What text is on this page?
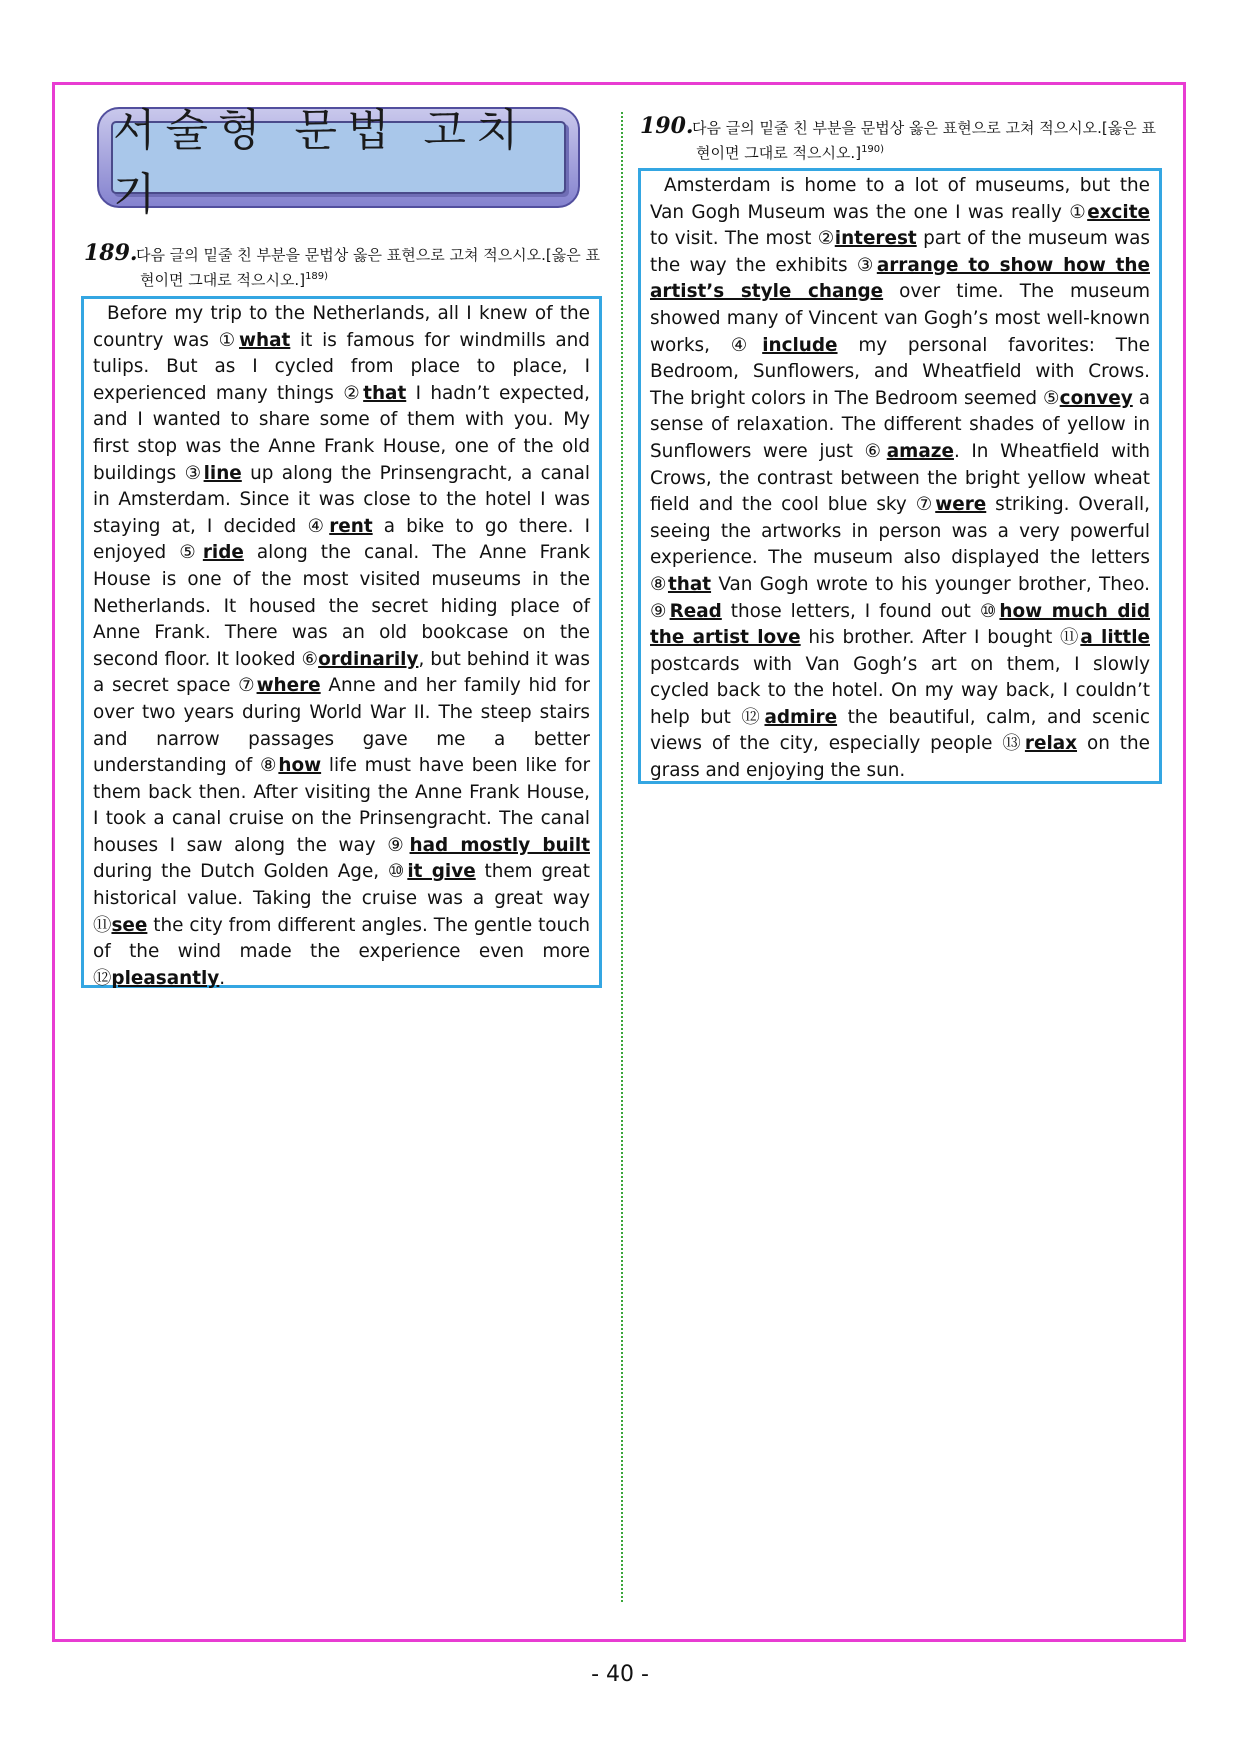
서술형 문법 고치기
189.다음 글의 밑줄 친 부분을 문법상 옳은 표현으로 고쳐 적으시오.[옳은 표현이면 그대로 적으시오.]$^{189)}$

Before my trip to the Netherlands, all I knew of the country was ①what it is famous for windmills and tulips. But as I cycled from place to place, I experienced many things ②that I hadn’t expected, and I wanted to share some of them with you. My first stop was the Anne Frank House, one of the old buildings ③line up along the Prinsengracht, a canal in Amsterdam. Since it was close to the hotel I was staying at, I decided ④rent a bike to go there. I enjoyed ⑤ride along the canal. The Anne Frank House is one of the most visited museums in the Netherlands. It housed the secret hiding place of Anne Frank. There was an old bookcase on the second floor. It looked ⑥ordinarily, but behind it was a secret space ⑦where Anne and her family hid for over two years during World War II. The steep stairs and narrow passages gave me a better understanding of ⑧how life must have been like for them back then. After visiting the Anne Frank House, I took a canal cruise on the Prinsengracht. The canal houses I saw along the way ⑨had mostly built during the Dutch Golden Age, ⑩it give them great historical value. Taking the cruise was a great way ⑪see the city from different angles. The gentle touch of the wind made the experience even more ⑫pleasantly.

190.다음 글의 밑줄 친 부분을 문법상 옳은 표현으로 고쳐 적으시오.[옳은 표현이면 그대로 적으시오.]$^{190)}$

Amsterdam is home to a lot of museums, but the Van Gogh Museum was the one I was really ①excite to visit. The most ②interest part of the museum was the way the exhibits ③arrange to show how the artist’s style change over time. The museum showed many of Vincent van Gogh’s most well-known works, ④include my personal favorites: The Bedroom, Sunflowers, and Wheatfield with Crows. The bright colors in The Bedroom seemed ⑤convey a sense of relaxation. The different shades of yellow in Sunflowers were just ⑥amaze. In Wheatfield with Crows, the contrast between the bright yellow wheat field and the cool blue sky ⑦were striking. Overall, seeing the artworks in person was a very powerful experience. The museum also displayed the letters ⑧that Van Gogh wrote to his younger brother, Theo. ⑨Read those letters, I found out ⑩how much did the artist love his brother. After I bought ⑪a little postcards with Van Gogh’s art on them, I slowly cycled back to the hotel. On my way back, I couldn’t help but ⑫admire the beautiful, calm, and scenic views of the city, especially people ⑬relax on the grass and enjoying the sun.

- 40 -
